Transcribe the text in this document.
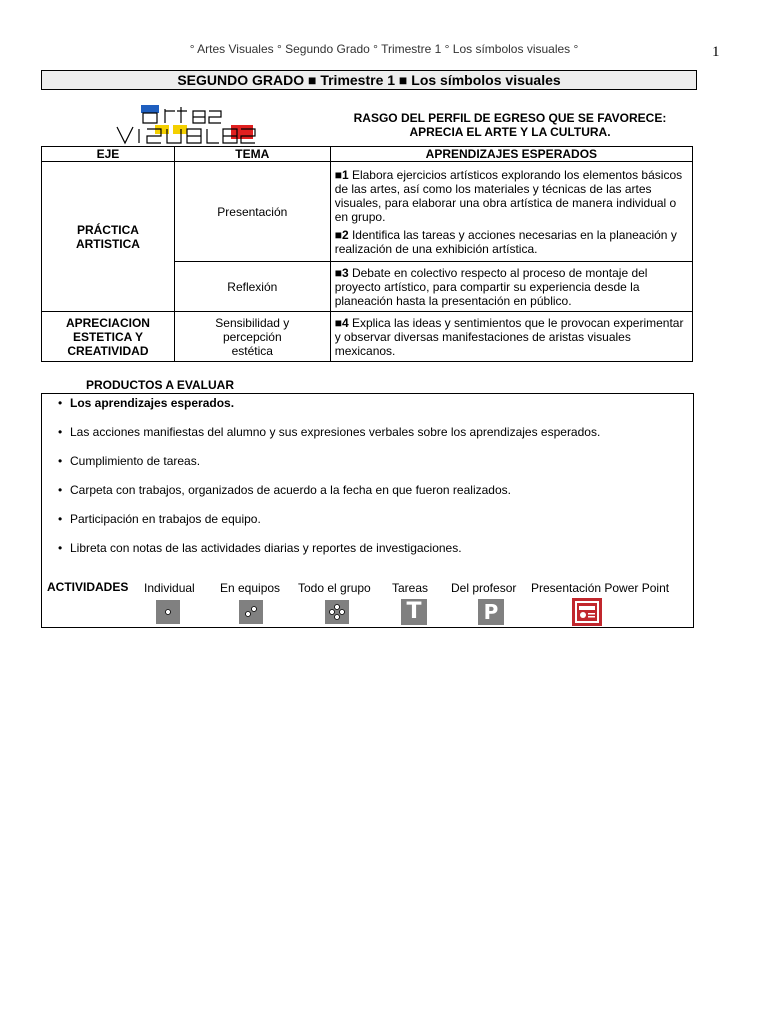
° Artes Visuales ° Segundo Grado ° Trimestre 1 ° Los símbolos visuales °	1
SEGUNDO GRADO ■ Trimestre 1 ■ Los símbolos visuales
RASGO DEL PERFIL DE EGRESO QUE SE FAVORECE:
APRECIA EL ARTE Y LA CULTURA.
EJE	TEMA	APRENDIZAJES ESPERADOS

PRÁCTICA ARTISTICA	Presentación	■1 Elabora ejercicios artísticos explorando los elementos básicos de las artes, así como los materiales y técnicas de las artes visuales, para elaborar una obra artística de manera individual o en grupo.

■2 Identifica las tareas y acciones necesarias en la planeación y realización de una exhibición artística.

	Reflexión	■3 Debate en colectivo respecto al proceso de montaje del proyecto artístico, para compartir su experiencia desde la planeación hasta la presentación en público.

APRECIACION ESTETICA Y CREATIVIDAD	Sensibilidad y percepción estética	■4 Explica las ideas y sentimientos que le provocan experimentar y observar diversas manifestaciones de aristas visuales mexicanos.

PRODUCTOS A EVALUAR
• Los aprendizajes esperados.
• Las acciones manifiestas del alumno y sus expresiones verbales sobre los aprendizajes esperados.
• Cumplimiento de tareas.
• Carpeta con trabajos, organizados de acuerdo a la fecha en que fueron realizados.
• Participación en trabajos de equipo.
• Libreta con notas de las actividades diarias y reportes de investigaciones.
ACTIVIDADES Individual En equipos Todo el grupo Tareas Del profesor Presentación Power Point
T	P
